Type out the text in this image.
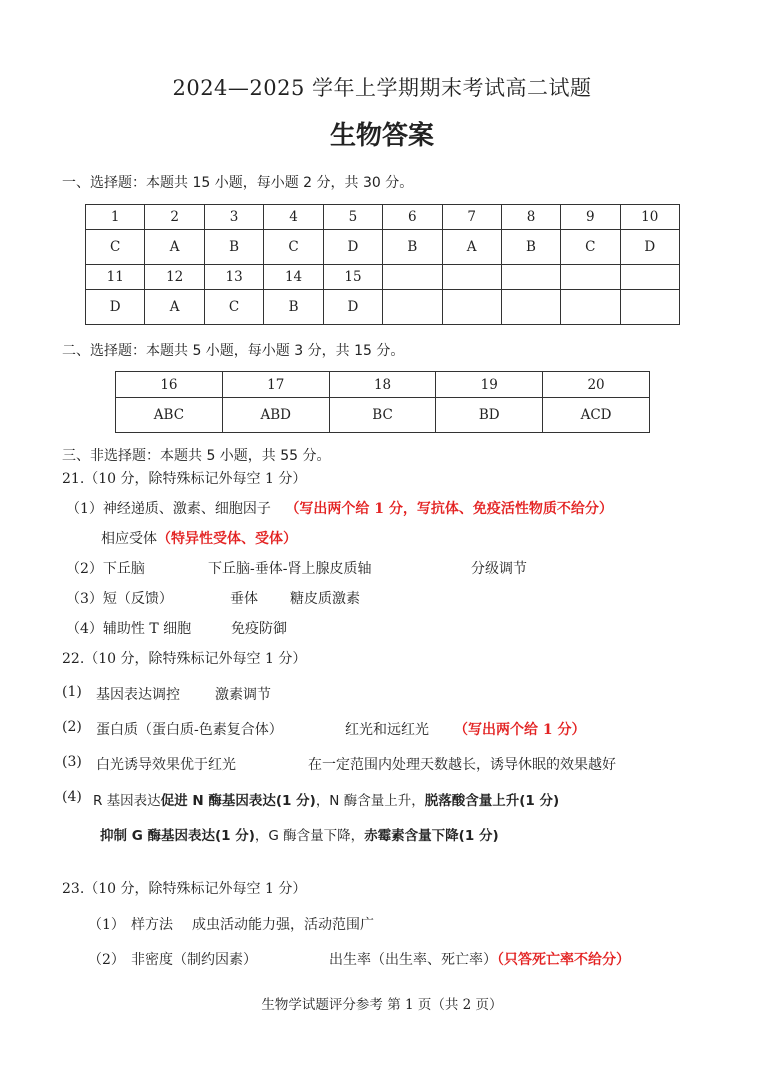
2024—2025 学年上学期期末考试高二试题
生物答案
一、选择题：本题共 15 小题，每小题 2 分，共 30 分。
1	2	3	4	5	6	7	8	9	10
C	A	B	C	D	B	A	B	C	D
11	12	13	14	15					
D	A	C	B	D					
二、选择题：本题共 5 小题，每小题 3 分，共 15 分。
16	17	18	19	20
ABC	ABD	BC	BD	ACD
三、非选择题：本题共 5 小题，共 55 分。
21.（10 分，除特殊标记外每空 1 分）
（1）神经递质、激素、细胞因子 （写出两个给 1 分，写抗体、免疫活性物质不给分）
相应受体（特异性受体、受体）
（2）下丘脑	下丘脑-垂体-肾上腺皮质轴	分级调节
（3）短（反馈）	垂体 糖皮质激素
（4）辅助性 T 细胞	免疫防御
22.（10 分，除特殊标记外每空 1 分）
(1) 基因表达调控	激素调节
(2) 蛋白质（蛋白质-色素复合体）	红光和远红光 （写出两个给 1 分）
(3) 白光诱导效果优于红光	在一定范围内处理天数越长，诱导休眠的效果越好
(4) R 基因表达促进 N 酶基因表达(1 分)，N 酶含量上升，脱落酸含量上升(1 分)
抑制 G 酶基因表达(1 分)，G 酶含量下降，赤霉素含量下降(1 分)
23.（10 分，除特殊标记外每空 1 分）
（1） 样方法 成虫活动能力强，活动范围广
（2） 非密度（制约因素）	出生率（出生率、死亡率）（只答死亡率不给分）
生物学试题评分参考 第 1 页（共 2 页）
